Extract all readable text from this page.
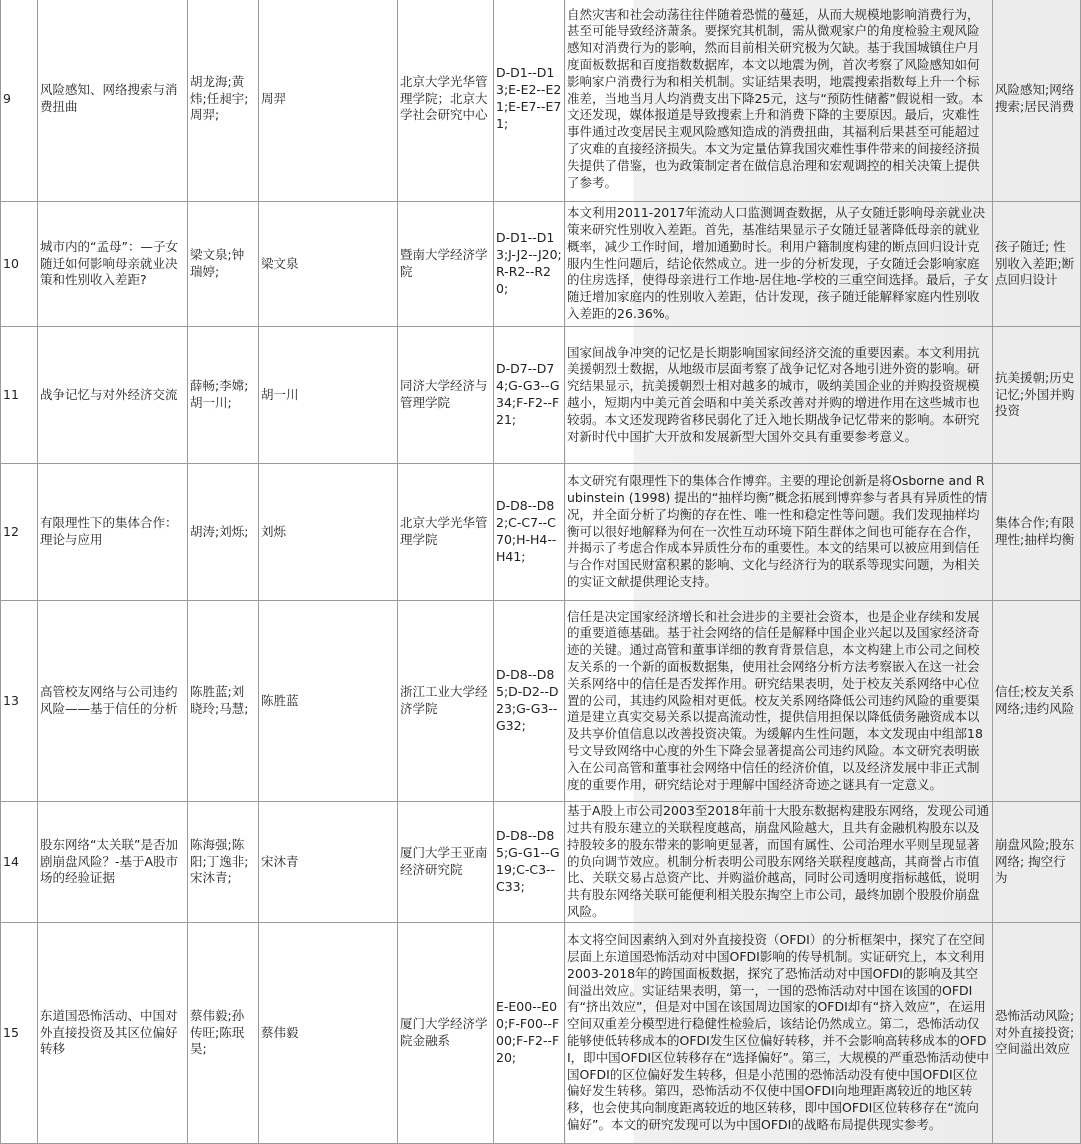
9	风险感知、网络搜索与消费扭曲	胡龙海;黄炜;任昶宇;周羿;	周羿	北京大学光华管理学院；北京大学社会研究中心	D-D1--D13;E-E2--E21;E-E7--E71;	自然灾害和社会动荡往往伴随着恐慌的蔓延，从而大规模地影响消费行为，甚至可能导致经济萧条。要探究其机制，需从微观家户的角度检验主观风险感知对消费行为的影响，然而目前相关研究极为欠缺。基于我国城镇住户月度面板数据和百度指数数据库，本文以地震为例，首次考察了风险感知如何影响家户消费行为和相关机制。实证结果表明，地震搜索指数每上升一个标准差，当地当月人均消费支出下降25元，这与“预防性储蓄”假说相一致。本文还发现，媒体报道是导致搜索上升和消费下降的主要原因。最后，灾难性事件通过改变居民主观风险感知造成的消费扭曲，其福利后果甚至可能超过了灾难的直接经济损失。本文为定量估算我国灾难性事件带来的间接经济损失提供了借鉴，也为政策制定者在做信息治理和宏观调控的相关决策上提供了参考。	风险感知;网络搜索;居民消费
10	城市内的“孟母”：—子女随迁如何影响母亲就业决策和性别收入差距?	梁文泉;钟瑞婷;	梁文泉	暨南大学经济学院	D-D1--D13;J-J2--J20;R-R2--R20;	本文利用2011-2017年流动人口监测调查数据，从子女随迁影响母亲就业决策来研究性别收入差距。首先，基准结果显示子女随迁显著降低母亲的就业概率，减少工作时间，增加通勤时长。利用户籍制度构建的断点回归设计克服内生性问题后，结论依然成立。进一步的分析发现，子女随迁会影响家庭的住房选择，使得母亲进行工作地-居住地-学校的三重空间选择。最后，子女随迁增加家庭内的性别收入差距，估计发现，孩子随迁能解释家庭内性别收入差距的26.36%。	孩子随迁; 性别收入差距;断点回归设计
11	战争记忆与对外经济交流	薛畅;李嫦;胡一川;	胡一川	同济大学经济与管理学院	D-D7--D74;G-G3--G34;F-F2--F21;	国家间战争冲突的记忆是长期影响国家间经济交流的重要因素。本文利用抗美援朝烈士数据，从地级市层面考察了战争记忆对各地引进外资的影响。研究结果显示，抗美援朝烈士相对越多的城市，吸纳美国企业的并购投资规模越小，短期内中美元首会晤和中美关系改善对并购的增进作用在这些城市也较弱。本文还发现跨省移民弱化了迁入地长期战争记忆带来的影响。本研究对新时代中国扩大开放和发展新型大国外交具有重要参考意义。	抗美援朝;历史记忆;外国并购投资
12	有限理性下的集体合作：理论与应用	胡涛;刘烁;	刘烁	北京大学光华管理学院	D-D8--D82;C-C7--C70;H-H4--H41;	本文研究有限理性下的集体合作博弈。主要的理论创新是将Osborne and Rubinstein (1998) 提出的“抽样均衡”概念拓展到博弈参与者具有异质性的情况，并全面分析了均衡的存在性、唯一性和稳定性等问题。我们发现抽样均衡可以很好地解释为何在一次性互动环境下陌生群体之间也可能存在合作，并揭示了考虑合作成本异质性分布的重要性。本文的结果可以被应用到信任与合作对国民财富积累的影响、文化与经济行为的联系等现实问题，为相关的实证文献提供理论支持。	集体合作;有限理性;抽样均衡
13	高管校友网络与公司违约风险——基于信任的分析	陈胜蓝;刘晓玲;马慧;	陈胜蓝	浙江工业大学经济学院	D-D8--D85;D-D2--D23;G-G3--G32;	信任是决定国家经济增长和社会进步的主要社会资本，也是企业存续和发展的重要道德基础。基于社会网络的信任是解释中国企业兴起以及国家经济奇迹的关键。通过高管和董事详细的教育背景信息，本文构建上市公司之间校友关系的一个新的面板数据集，使用社会网络分析方法考察嵌入在这一社会关系网络中的信任是否发挥作用。研究结果表明，处于校友关系网络中心位置的公司，其违约风险相对更低。校友关系网络降低公司违约风险的重要渠道是建立真实交易关系以提高流动性，提供信用担保以降低债务融资成本以及共享价值信息以改善投资决策。为缓解内生性问题，本文发现由中组部18号文导致网络中心度的外生下降会显著提高公司违约风险。本文研究表明嵌入在公司高管和董事社会网络中信任的经济价值，以及经济发展中非正式制度的重要作用，研究结论对于理解中国经济奇迹之谜具有一定意义。	信任;校友关系网络;违约风险
14	股东网络“太关联”是否加剧崩盘风险？-基于A股市场的经验证据	陈海强;陈阳;丁逸非;宋沐青;	宋沐青	厦门大学王亚南经济研究院	D-D8--D85;G-G1--G19;C-C3--C33;	基于A股上市公司2003至2018年前十大股东数据构建股东网络，发现公司通过共有股东建立的关联程度越高，崩盘风险越大，且共有金融机构股东以及持股较多的股东带来的影响更显著，而国有属性、公司治理水平则呈现显著的负向调节效应。机制分析表明公司股东网络关联程度越高，其商誉占市值比、关联交易占总资产比、并购溢价越高，同时公司透明度指标越低，说明共有股东网络关联可能便利相关股东掏空上市公司，最终加剧个股股价崩盘风险。	崩盘风险;股东网络; 掏空行为
15	东道国恐怖活动、中国对外直接投资及其区位偏好转移	蔡伟毅;孙传旺;陈珉昊;	蔡伟毅	厦门大学经济学院金融系	E-E00--E00;F-F00--F00;F-F2--F20;	本文将空间因素纳入到对外直接投资（OFDI）的分析框架中，探究了在空间层面上东道国恐怖活动对中国OFDI影响的传导机制。实证研究上，本文利用2003-2018年的跨国面板数据，探究了恐怖活动对中国OFDI的影响及其空间溢出效应。实证结果表明，第一，一国的恐怖活动对中国在该国的OFDI有“挤出效应”，但是对中国在该国周边国家的OFDI却有“挤入效应”，在运用空间双重差分模型进行稳健性检验后，该结论仍然成立。第二，恐怖活动仅能够使低转移成本的OFDI发生区位偏好转移，并不会影响高转移成本的OFDI，即中国OFDI区位转移存在“选择偏好”。第三，大规模的严重恐怖活动使中国OFDI的区位偏好发生转移，但是小范围的恐怖活动没有使中国OFDI区位偏好发生转移。第四，恐怖活动不仅使中国OFDI向地理距离较近的地区转移，也会使其向制度距离较近的地区转移，即中国OFDI区位转移存在“流向偏好”。本文的研究发现可以为中国OFDI的战略布局提供现实参考。	恐怖活动风险;对外直接投资;空间溢出效应
